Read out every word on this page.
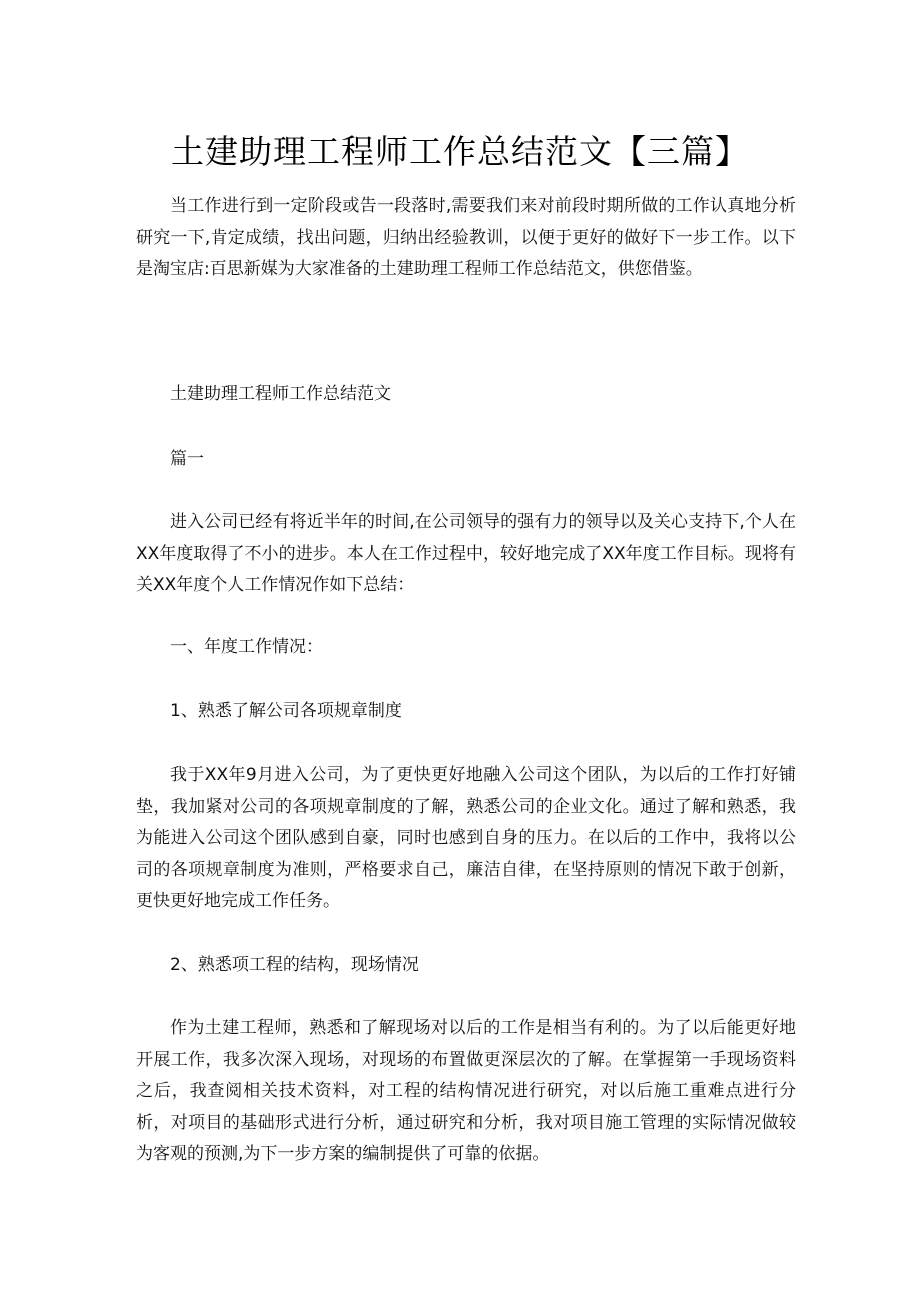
土建助理工程师工作总结范文【三篇】
当工作进行到一定阶段或告一段落时,需要我们来对前段时期所做的工作认真地分析研究一下,肯定成绩，找出问题，归纳出经验教训，以便于更好的做好下一步工作。以下是淘宝店:百思新媒为大家准备的土建助理工程师工作总结范文，供您借鉴。
土建助理工程师工作总结范文
篇一
进入公司已经有将近半年的时间,在公司领导的强有力的领导以及关心支持下,个人在XX年度取得了不小的进步。本人在工作过程中，较好地完成了XX年度工作目标。现将有关XX年度个人工作情况作如下总结：
一、年度工作情况：
1、熟悉了解公司各项规章制度
我于XX年9月进入公司，为了更快更好地融入公司这个团队，为以后的工作打好铺垫，我加紧对公司的各项规章制度的了解，熟悉公司的企业文化。通过了解和熟悉，我为能进入公司这个团队感到自豪，同时也感到自身的压力。在以后的工作中，我将以公司的各项规章制度为准则，严格要求自己，廉洁自律，在坚持原则的情况下敢于创新，更快更好地完成工作任务。
2、熟悉项工程的结构，现场情况
作为土建工程师，熟悉和了解现场对以后的工作是相当有利的。为了以后能更好地开展工作，我多次深入现场，对现场的布置做更深层次的了解。在掌握第一手现场资料之后，我查阅相关技术资料，对工程的结构情况进行研究，对以后施工重难点进行分析，对项目的基础形式进行分析，通过研究和分析，我对项目施工管理的实际情况做较为客观的预测,为下一步方案的编制提供了可靠的依据。
